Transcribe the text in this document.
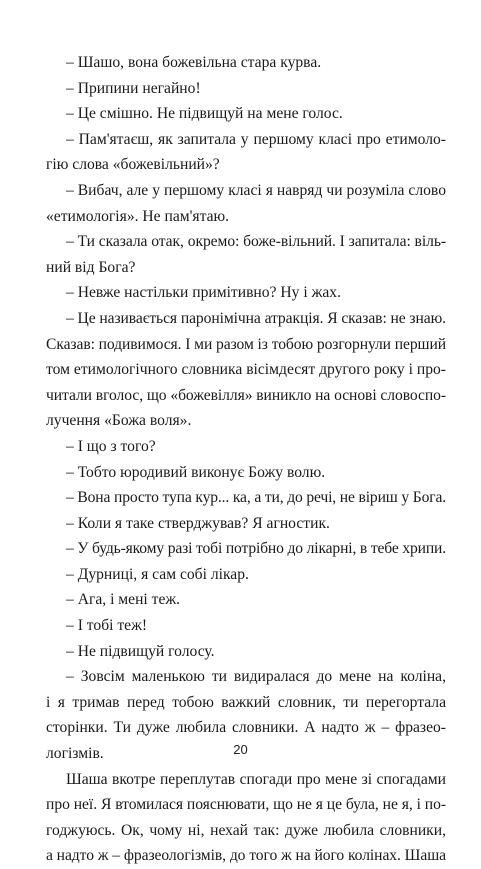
– Шашо, вона божевільна стара курва.
– Припини негайно!
– Це смішно. Не підвищуй на мене голос.
– Пам'ятаєш, як запитала у першому класі про етимоло-
гію слова «божевільний»?
– Вибач, але у першому класі я навряд чи розуміла слово
«етимологія». Не пам'ятаю.
– Ти сказала отак, окремо: боже-вільний. І запитала: віль-
ний від Бога?
– Невже настільки примітивно? Ну і жах.
– Це називається паронімічна атракція. Я сказав: не знаю.
Сказав: подивимося. І ми разом із тобою розгорнули перший
том етимологічного словника вісімдесят другого року і про-
читали вголос, що «божевілля» виникло на основі словоспо-
лучення «Божа воля».
– І що з того?
– Тобто юродивий виконує Божу волю.
– Вона просто тупа кур... ка, а ти, до речі, не віриш у Бога.
– Коли я таке стверджував? Я агностик.
– У будь-якому разі тобі потрібно до лікарні, в тебе хрипи.
– Дурниці, я сам собі лікар.
– Ага, і мені теж.
– І тобі теж!
– Не підвищуй голосу.
– Зовсім маленькою ти видиралася до мене на коліна,
і я тримав перед тобою важкий словник, ти перегортала
сторінки. Ти дуже любила словники. А надто ж – фразео-
логізмів.
Шаша вкотре переплутав спогади про мене зі спогадами
про неї. Я втомилася пояснювати, що не я це була, не я, і по-
годжуюсь. Ок, чому ні, нехай так: дуже любила словники,
а надто ж – фразеологізмів, до того ж на його колінах. Шаша
20
